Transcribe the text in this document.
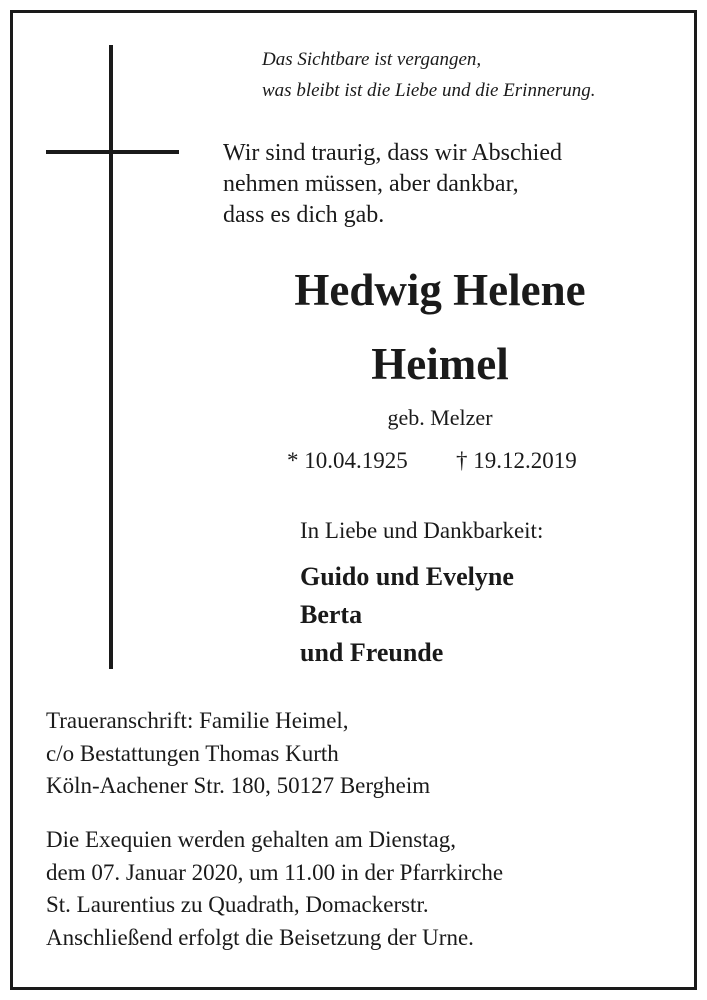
Das Sichtbare ist vergangen,
was bleibt ist die Liebe und die Erinnerung.
Wir sind traurig, dass wir Abschied
nehmen müssen, aber dankbar,
dass es dich gab.
Hedwig Helene
Heimel
geb. Melzer
* 10.04.1925 † 19.12.2019
In Liebe und Dankbarkeit:
Guido und Evelyne
Berta
und Freunde
Traueranschrift: Familie Heimel,
c/o Bestattungen Thomas Kurth
Köln-Aachener Str. 180, 50127 Bergheim
Die Exequien werden gehalten am Dienstag,
dem 07. Januar 2020, um 11.00 in der Pfarrkirche
St. Laurentius zu Quadrath, Domackerstr.
Anschließend erfolgt die Beisetzung der Urne.
